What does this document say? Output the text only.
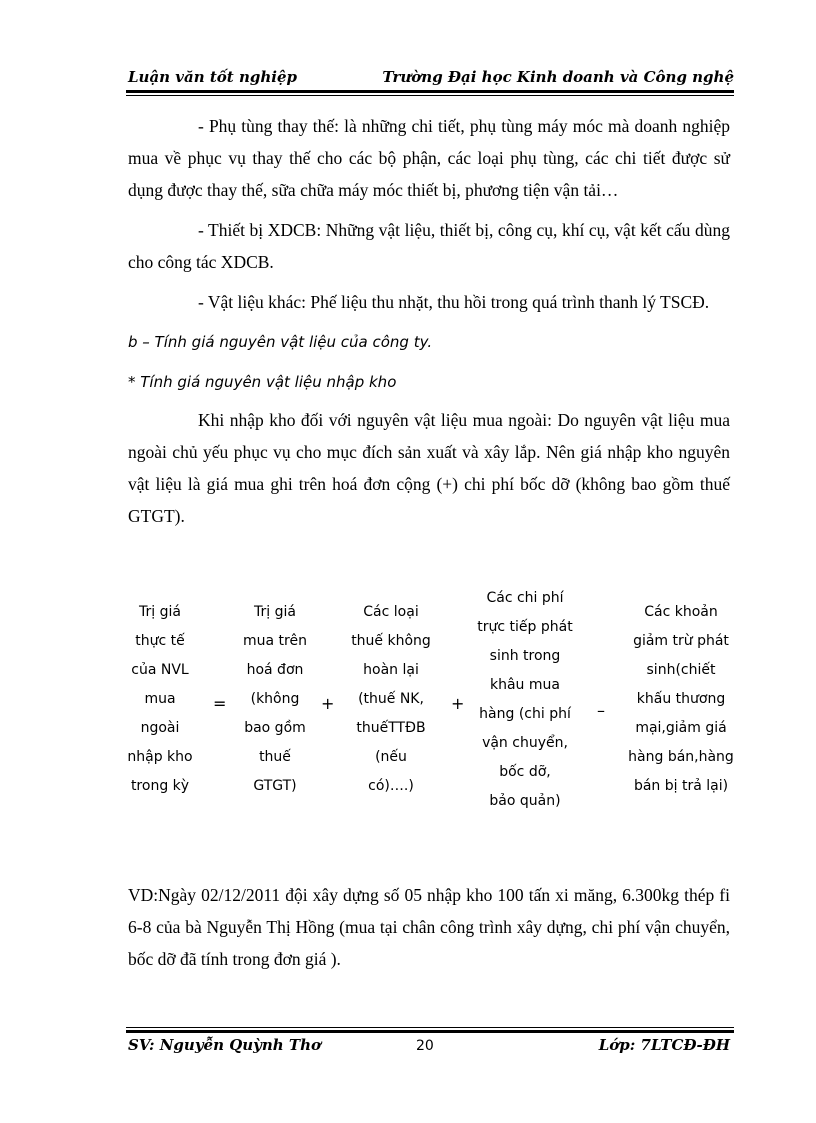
Luận văn tốt nghiệp	Trường Đại học Kinh doanh và Công nghệ

- Phụ tùng thay thế: là những chi tiết, phụ tùng máy móc mà doanh nghiệp mua về phục vụ thay thế cho các bộ phận, các loại phụ tùng, các chi tiết được sử dụng được thay thế, sữa chữa máy móc thiết bị, phương tiện vận tải…

- Thiết bị XDCB: Những vật liệu, thiết bị, công cụ, khí cụ, vật kết cấu dùng cho công tác XDCB.

- Vật liệu khác: Phế liệu thu nhặt, thu hồi trong quá trình thanh lý TSCĐ.

b – Tính giá nguyên vật liệu của công ty.

* Tính giá nguyên vật liệu nhập kho

Khi nhập kho đối với nguyên vật liệu mua ngoài: Do nguyên vật liệu mua ngoài chủ yếu phục vụ cho mục đích sản xuất và xây lắp. Nên giá nhập kho nguyên vật liệu là giá mua ghi trên hoá đơn cộng (+) chi phí bốc dỡ (không bao gồm thuế GTGT).

Trị giá
thực tế
của NVL
mua
ngoài
nhập kho
trong kỳ
=
Trị giá
mua trên
hoá đơn
(không
bao gồm
thuế
GTGT)
+
Các loại
thuế không
hoàn lại
(thuế NK,
thuếTTĐB
(nếu
có)….)
+
Các chi phí
trực tiếp phát
sinh trong
khâu mua
hàng (chi phí
vận chuyển,
bốc dỡ,
bảo quản)
–
Các khoản
giảm trừ phát
sinh(chiết
khấu thương
mại,giảm giá
hàng bán,hàng
bán bị trả lại)

VD:Ngày 02/12/2011 đội xây dựng số 05 nhập kho 100 tấn xi măng, 6.300kg thép fi 6-8 của bà Nguyễn Thị Hồng (mua tại chân công trình xây dựng, chi phí vận chuyển, bốc dỡ đã tính trong đơn giá ).

SV: Nguyễn Quỳnh Thơ	20	Lớp: 7LTCĐ-ĐH
